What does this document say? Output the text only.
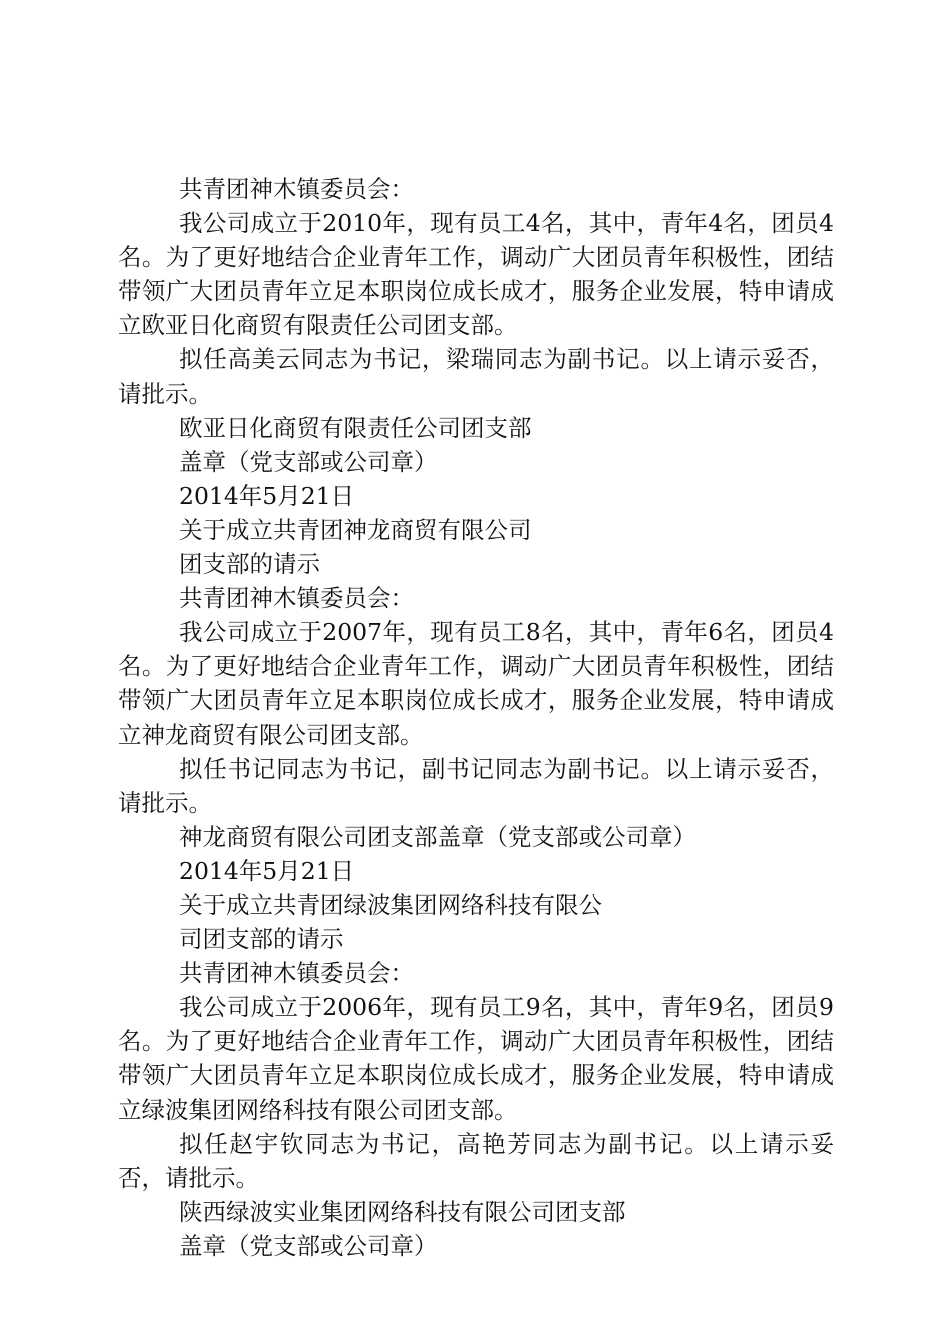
共青团神木镇委员会：
我公司成立于2010年，现有员工4名，其中，青年4名，团员4名。为了更好地结合企业青年工作，调动广大团员青年积极性，团结带领广大团员青年立足本职岗位成长成才，服务企业发展，特申请成立欧亚日化商贸有限责任公司团支部。
拟任高美云同志为书记，梁瑞同志为副书记。以上请示妥否，请批示。
欧亚日化商贸有限责任公司团支部
盖章（党支部或公司章）
2014年5月21日
关于成立共青团神龙商贸有限公司
团支部的请示
共青团神木镇委员会：
我公司成立于2007年，现有员工8名，其中，青年6名，团员4名。为了更好地结合企业青年工作，调动广大团员青年积极性，团结带领广大团员青年立足本职岗位成长成才，服务企业发展，特申请成立神龙商贸有限公司团支部。
拟任书记同志为书记，副书记同志为副书记。以上请示妥否，请批示。
神龙商贸有限公司团支部盖章（党支部或公司章）
2014年5月21日
关于成立共青团绿波集团网络科技有限公
司团支部的请示
共青团神木镇委员会：
我公司成立于2006年，现有员工9名，其中，青年9名，团员9名。为了更好地结合企业青年工作，调动广大团员青年积极性，团结带领广大团员青年立足本职岗位成长成才，服务企业发展，特申请成立绿波集团网络科技有限公司团支部。
拟任赵宇钦同志为书记，高艳芳同志为副书记。以上请示妥否，请批示。
陕西绿波实业集团网络科技有限公司团支部
盖章（党支部或公司章）
